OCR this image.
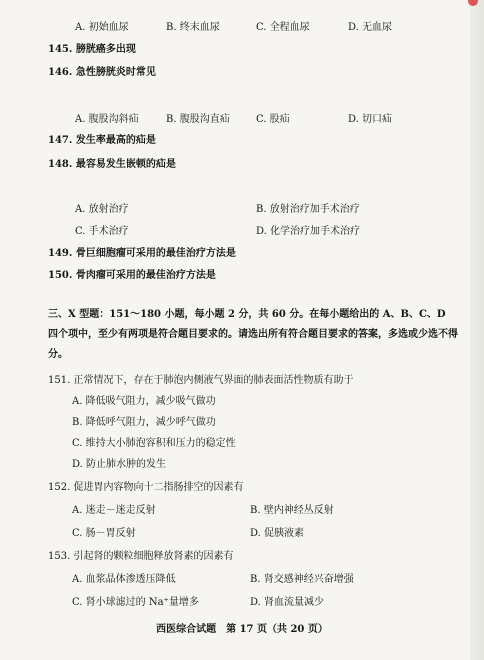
A. 初始血尿	B. 终末血尿	C. 全程血尿	D. 无血尿
145. 膀胱癌多出现
146. 急性膀胱炎时常见
A. 腹股沟斜疝	B. 腹股沟直疝	C. 股疝	D. 切口疝
147. 发生率最高的疝是
148. 最容易发生嵌顿的疝是
A. 放射治疗	B. 放射治疗加手术治疗
C. 手术治疗	D. 化学治疗加手术治疗
149. 骨巨细胞瘤可采用的最佳治疗方法是
150. 骨肉瘤可采用的最佳治疗方法是
三、X 型题：151～180 小题，每小题 2 分，共 60 分。在每小题给出的 A、B、C、D 四个项中，至少有两项是符合题目要求的。请选出所有符合题目要求的答案，多选或少选不得分。
151. 正常情况下，存在于肺泡内侧液气界面的肺表面活性物质有助于
A. 降低吸气阻力，减少吸气做功
B. 降低呼气阻力，减少呼气做功
C. 维持大小肺泡容积和压力的稳定性
D. 防止肺水肿的发生
152. 促进胃内容物向十二指肠排空的因素有
A. 迷走－迷走反射	B. 壁内神经丛反射
C. 肠－胃反射	D. 促胰液素
153. 引起肾的颗粒细胞释放肾素的因素有
A. 血浆晶体渗透压降低	B. 肾交感神经兴奋增强
C. 肾小球滤过的 Na⁺量增多	D. 肾血流量减少
西医综合试题　第 17 页（共 20 页）
